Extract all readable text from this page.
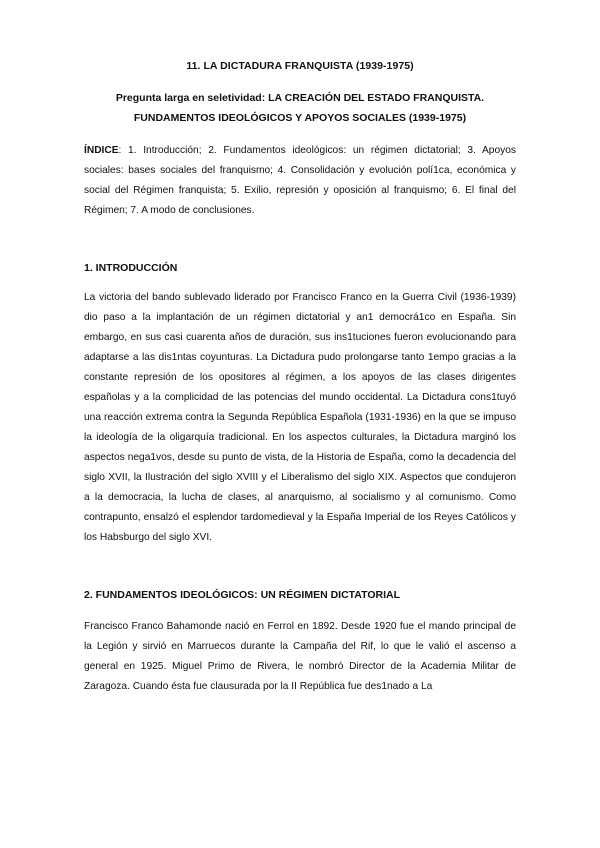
11. LA DICTADURA FRANQUISTA (1939-1975)
Pregunta larga en seletividad: LA CREACIÓN DEL ESTADO FRANQUISTA.
FUNDAMENTOS IDEOLÓGICOS Y APOYOS SOCIALES (1939-1975)

ÍNDICE: 1. Introducción; 2. Fundamentos ideológicos: un régimen dictatorial; 3. Apoyos sociales: bases sociales del franquismo; 4. Consolidación y evolución polí1ca, económica y social del Régimen franquista; 5. Exilio, represión y oposición al franquismo; 6. El final del Régimen; 7. A modo de conclusiones.

1. INTRODUCCIÓN

La victoria del bando sublevado liderado por Francisco Franco en la Guerra Civil (1936-1939) dio paso a la implantación de un régimen dictatorial y an1 democrá1co en España. Sin embargo, en sus casi cuarenta años de duración, sus ins1tuciones fueron evolucionando para adaptarse a las dis1ntas coyunturas. La Dictadura pudo prolongarse tanto 1empo gracias a la constante represión de los opositores al régimen, a los apoyos de las clases dirigentes españolas y a la complicidad de las potencias del mundo occidental. La Dictadura cons1tuyó una reacción extrema contra la Segunda República Española (1931-1936) en la que se impuso la ideología de la oligarquía tradicional. En los aspectos culturales, la Dictadura marginó los aspectos nega1vos, desde su punto de vista, de la Historia de España, como la decadencia del siglo XVII, la Ilustración del siglo XVIII y el Liberalismo del siglo XIX. Aspectos que condujeron a la democracia, la lucha de clases, al anarquismo, al socialismo y al comunismo. Como contrapunto, ensalzó el esplendor tardomedieval y la España Imperial de los Reyes Católicos y los Habsburgo del siglo XVI.

2. FUNDAMENTOS IDEOLÓGICOS: UN RÉGIMEN DICTATORIAL

Francisco Franco Bahamonde nació en Ferrol en 1892. Desde 1920 fue el mando principal de la Legión y sirvió en Marruecos durante la Campaña del Rif, lo que le valió el ascenso a general en 1925. Miguel Primo de Rivera, le nombró Director de la Academia Militar de Zaragoza. Cuando ésta fue clausurada por la II República fue des1nado a La
